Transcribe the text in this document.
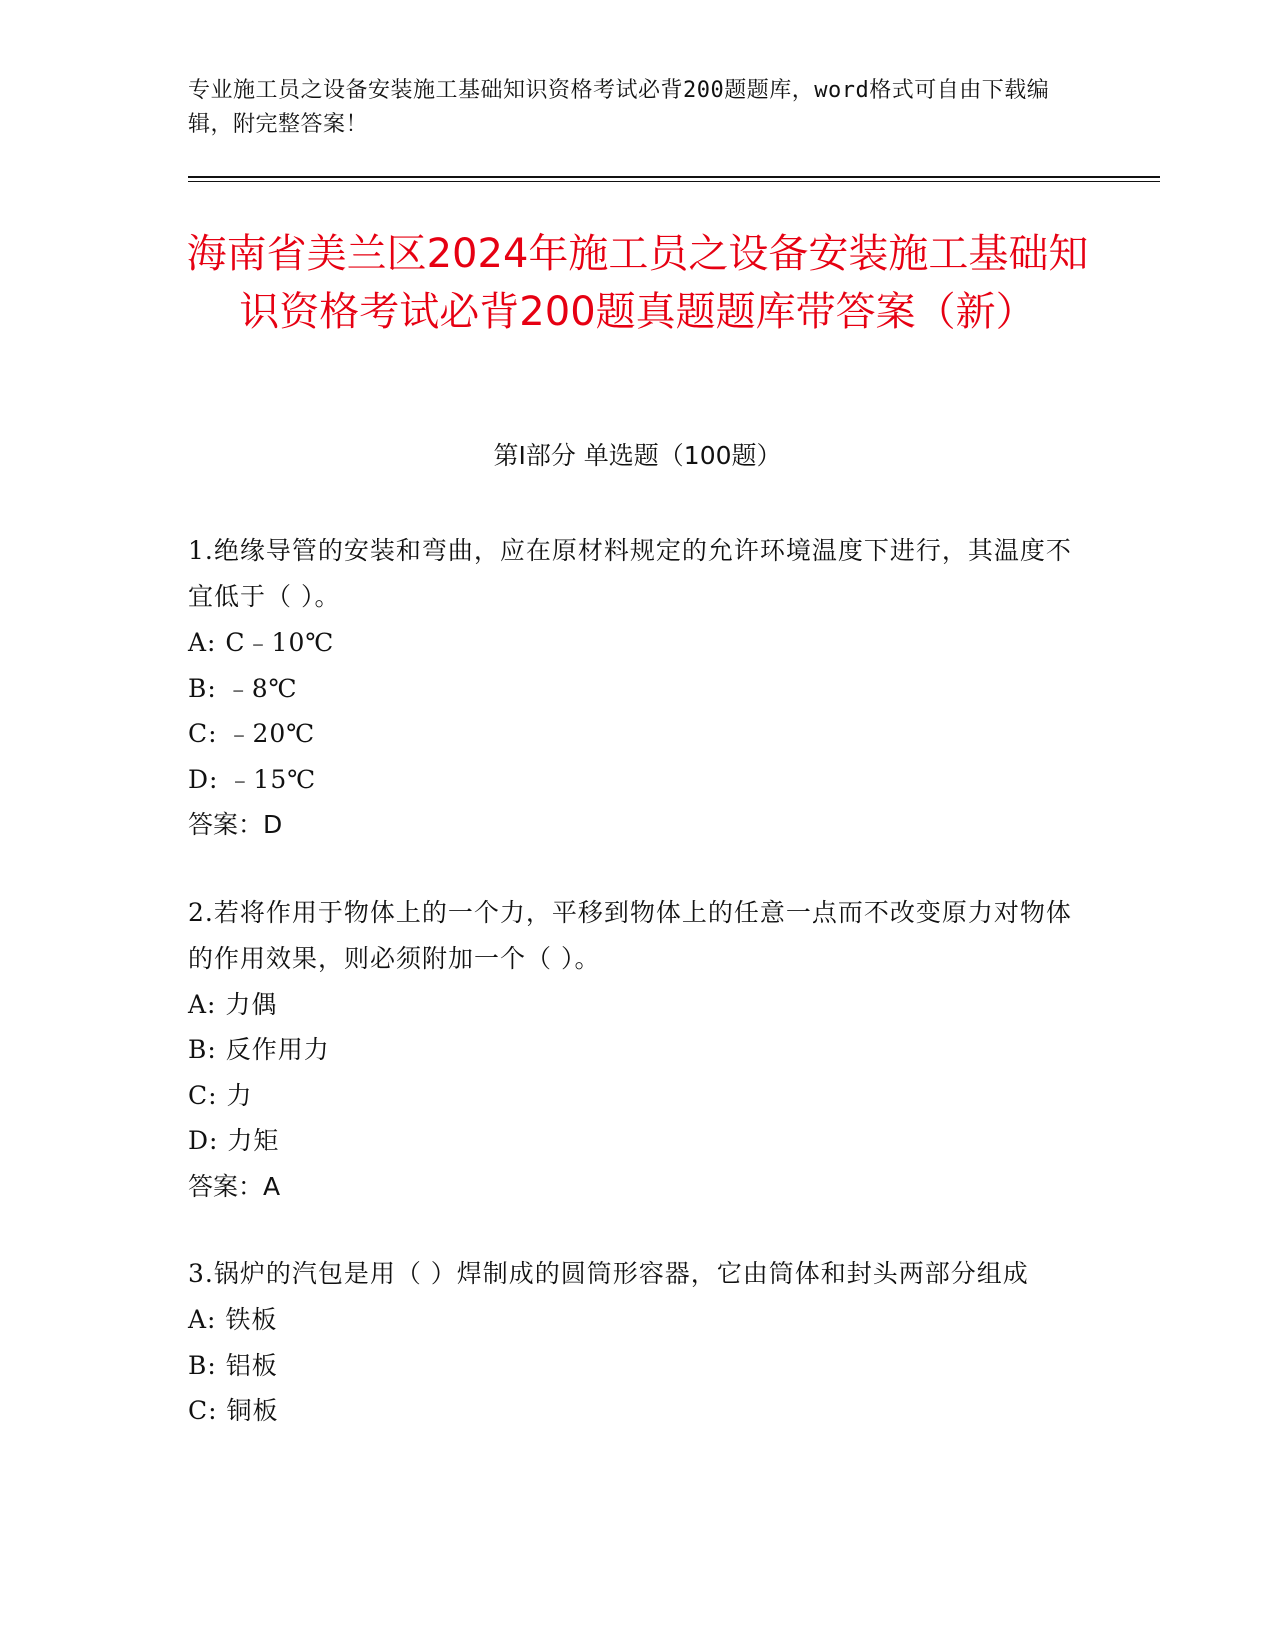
专业施工员之设备安装施工基础知识资格考试必背200题题库，word格式可自由下载编辑，附完整答案！
海南省美兰区2024年施工员之设备安装施工基础知识资格考试必背200题真题题库带答案（新）
第I部分 单选题（100题）
1.绝缘导管的安装和弯曲，应在原材料规定的允许环境温度下进行，其温度不宜低于（ ）。
A: C﹣10℃
B: ﹣8℃
C: ﹣20℃
D: ﹣15℃
答案：D
2.若将作用于物体上的一个力，平移到物体上的任意一点而不改变原力对物体的作用效果，则必须附加一个（ ）。
A: 力偶
B: 反作用力
C: 力
D: 力矩
答案：A
3.锅炉的汽包是用（ ）焊制成的圆筒形容器，它由筒体和封头两部分组成
A: 铁板
B: 铝板
C: 铜板
